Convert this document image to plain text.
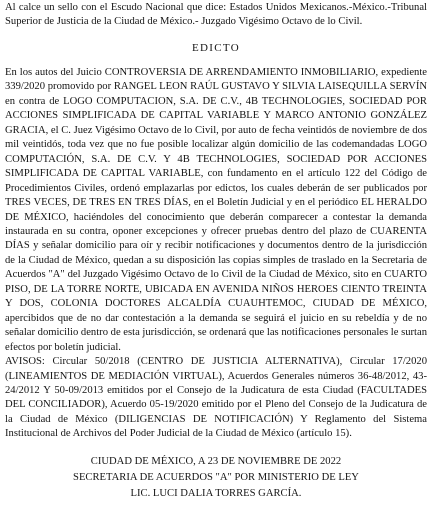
Al calce un sello con el Escudo Nacional que dice: Estados Unidos Mexicanos.-México.-Tribunal Superior de Justicia de la Ciudad de México.- Juzgado Vigésimo Octavo de lo Civil.

EDICTO

En los autos del Juicio CONTROVERSIA DE ARRENDAMIENTO INMOBILIARIO, expediente 339/2020 promovido por RANGEL LEON RAÚL GUSTAVO Y SILVIA LAISEQUILLA SERVÍN en contra de LOGO COMPUTACION, S.A. DE C.V., 4B TECHNOLOGIES, SOCIEDAD POR ACCIONES SIMPLIFICADA DE CAPITAL VARIABLE Y MARCO ANTONIO GONZÁLEZ GRACIA, el C. Juez Vigésimo Octavo de lo Civil, por auto de fecha veintidós de noviembre de dos mil veintidós, toda vez que no fue posible localizar algún domicilio de las codemandadas LOGO COMPUTACIÓN, S.A. DE C.V. Y 4B TECHNOLOGIES, SOCIEDAD POR ACCIONES SIMPLIFICADA DE CAPITAL VARIABLE, con fundamento en el artículo 122 del Código de Procedimientos Civiles, ordenó emplazarlas por edictos, los cuales deberán de ser publicados por TRES VECES, DE TRES EN TRES DÍAS, en el Boletín Judicial y en el periódico EL HERALDO DE MÉXICO, haciéndoles del conocimiento que deberán comparecer a contestar la demanda instaurada en su contra, oponer excepciones y ofrecer pruebas dentro del plazo de CUARENTA DÍAS y señalar domicilio para oír y recibir notificaciones y documentos dentro de la jurisdicción de la Ciudad de México, quedan a su disposición las copias simples de traslado en la Secretaria de Acuerdos "A" del Juzgado Vigésimo Octavo de lo Civil de la Ciudad de México, sito en CUARTO PISO, DE LA TORRE NORTE, UBICADA EN AVENIDA NIÑOS HEROES CIENTO TREINTA Y DOS, COLONIA DOCTORES ALCALDÍA CUAUHTEMOC, CIUDAD DE MÉXICO, apercibidos que de no dar contestación a la demanda se seguirá el juicio en su rebeldía y de no señalar domicilio dentro de esta jurisdicción, se ordenará que las notificaciones personales le surtan efectos por boletín judicial.

AVISOS: Circular 50/2018 (CENTRO DE JUSTICIA ALTERNATIVA), Circular 17/2020 (LINEAMIENTOS DE MEDIACIÓN VIRTUAL), Acuerdos Generales números 36-48/2012, 43-24/2012 Y 50-09/2013 emitidos por el Consejo de la Judicatura de esta Ciudad (FACULTADES DEL CONCILIADOR), Acuerdo 05-19/2020 emitido por el Pleno del Consejo de la Judicatura de la Ciudad de México (DILIGENCIAS DE NOTIFICACIÓN) Y Reglamento del Sistema Institucional de Archivos del Poder Judicial de la Ciudad de México (artículo 15).

CIUDAD DE MÉXICO, A 23 DE NOVIEMBRE DE 2022
SECRETARIA DE ACUERDOS "A" POR MINISTERIO DE LEY
LIC. LUCI DALIA TORRES GARCÍA.
